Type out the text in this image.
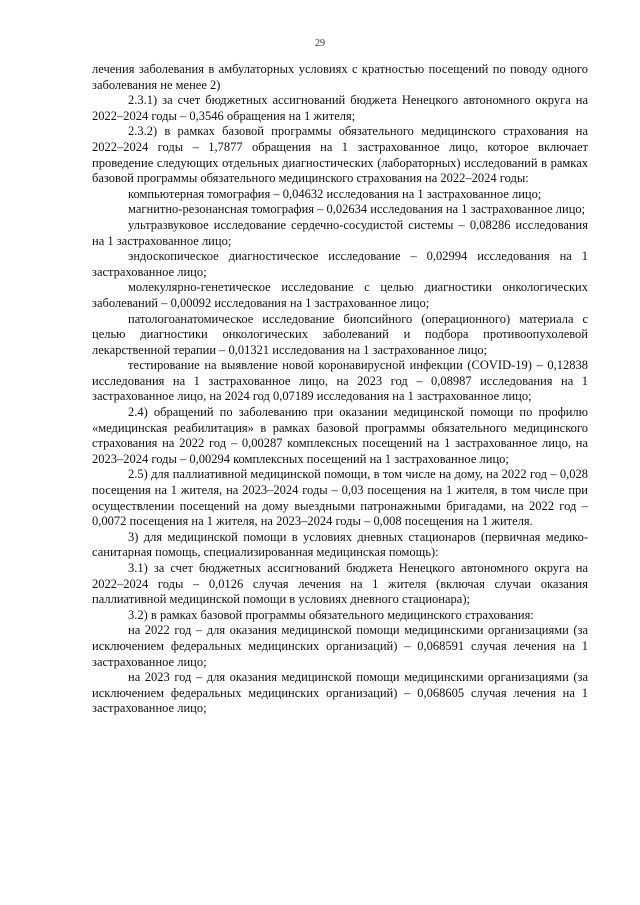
29

лечения заболевания в амбулаторных условиях с кратностью посещений по поводу одного заболевания не менее 2)

2.3.1) за счет бюджетных ассигнований бюджета Ненецкого автономного округа на 2022–2024 годы – 0,3546 обращения на 1 жителя;

2.3.2) в рамках базовой программы обязательного медицинского страхования на 2022–2024 годы – 1,7877 обращения на 1 застрахованное лицо, которое включает проведение следующих отдельных диагностических (лабораторных) исследований в рамках базовой программы обязательного медицинского страхования на 2022–2024 годы:

компьютерная томография – 0,04632 исследования на 1 застрахованное лицо;

магнитно-резонансная томография – 0,02634 исследования на 1 застрахованное лицо;

ультразвуковое исследование сердечно-сосудистой системы – 0,08286 исследования на 1 застрахованное лицо;

эндоскопическое диагностическое исследование – 0,02994 исследования на 1 застрахованное лицо;

молекулярно-генетическое исследование с целью диагностики онкологических заболеваний – 0,00092 исследования на 1 застрахованное лицо;

патологоанатомическое исследование биопсийного (операционного) материала с целью диагностики онкологических заболеваний и подбора противоопухолевой лекарственной терапии – 0,01321 исследования на 1 застрахованное лицо;

тестирование на выявление новой коронавирусной инфекции (COVID-19) – 0,12838 исследования на 1 застрахованное лицо, на 2023 год – 0,08987 исследования на 1 застрахованное лицо, на 2024 год 0,07189 исследования на 1 застрахованное лицо;

2.4) обращений по заболеванию при оказании медицинской помощи по профилю «медицинская реабилитация» в рамках базовой программы обязательного медицинского страхования на 2022 год – 0,00287 комплексных посещений на 1 застрахованное лицо, на 2023–2024 годы – 0,00294 комплексных посещений на 1 застрахованное лицо;

2.5) для паллиативной медицинской помощи, в том числе на дому, на 2022 год – 0,028 посещения на 1 жителя, на 2023–2024 годы – 0,03 посещения на 1 жителя, в том числе при осуществлении посещений на дому выездными патронажными бригадами, на 2022 год – 0,0072 посещения на 1 жителя, на 2023–2024 годы – 0,008 посещения на 1 жителя.

3) для медицинской помощи в условиях дневных стационаров (первичная медико-санитарная помощь, специализированная медицинская помощь):

3.1) за счет бюджетных ассигнований бюджета Ненецкого автономного округа на 2022–2024 годы – 0,0126 случая лечения на 1 жителя (включая случаи оказания паллиативной медицинской помощи в условиях дневного стационара);

3.2) в рамках базовой программы обязательного медицинского страхования:

на 2022 год – для оказания медицинской помощи медицинскими организациями (за исключением федеральных медицинских организаций) – 0,068591 случая лечения на 1 застрахованное лицо;

на 2023 год – для оказания медицинской помощи медицинскими организациями (за исключением федеральных медицинских организаций) – 0,068605 случая лечения на 1 застрахованное лицо;
